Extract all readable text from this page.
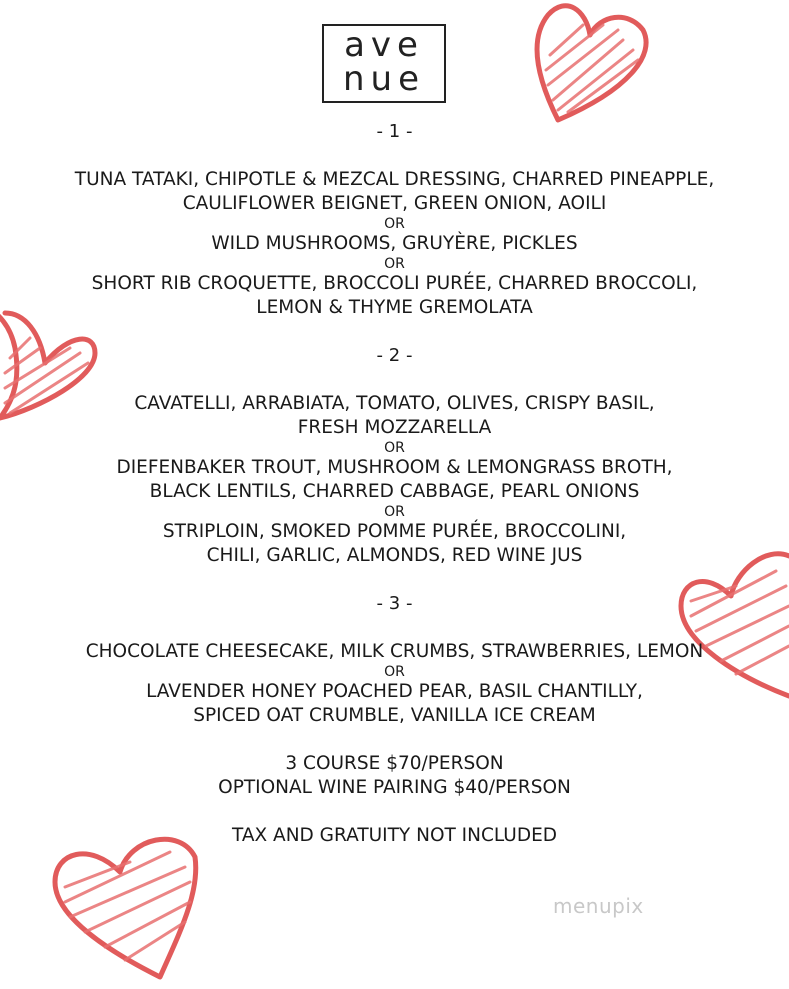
ave
nue

- 1 -

TUNA TATAKI, CHIPOTLE & MEZCAL DRESSING, CHARRED PINEAPPLE,

CAULIFLOWER BEIGNET, GREEN ONION, AOILI

OR

WILD MUSHROOMS, GRUYÈRE, PICKLES

OR

SHORT RIB CROQUETTE, BROCCOLI PURÉE, CHARRED BROCCOLI,

LEMON & THYME GREMOLATA

- 2 -

CAVATELLI, ARRABIATA, TOMATO, OLIVES, CRISPY BASIL,

FRESH MOZZARELLA

OR

DIEFENBAKER TROUT, MUSHROOM & LEMONGRASS BROTH,

BLACK LENTILS, CHARRED CABBAGE, PEARL ONIONS

OR

STRIPLOIN, SMOKED POMME PURÉE, BROCCOLINI,

CHILI, GARLIC, ALMONDS, RED WINE JUS

- 3 -

CHOCOLATE CHEESECAKE, MILK CRUMBS, STRAWBERRIES, LEMON

OR

LAVENDER HONEY POACHED PEAR, BASIL CHANTILLY,

SPICED OAT CRUMBLE, VANILLA ICE CREAM

3 COURSE $70/PERSON

OPTIONAL WINE PAIRING $40/PERSON

TAX AND GRATUITY NOT INCLUDED

menupix
